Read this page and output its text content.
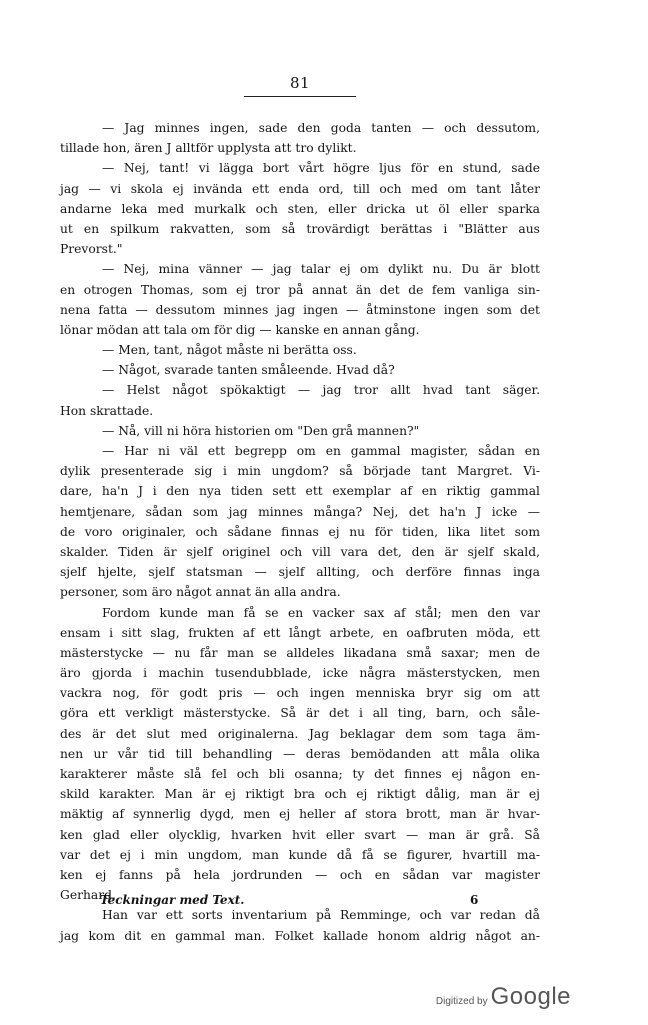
81
— Jag minnes ingen, sade den goda tanten — och dessutom,
tillade hon, ären J alltför upplysta att tro dylikt.
— Nej, tant! vi lägga bort vårt högre ljus för en stund, sade
jag — vi skola ej invända ett enda ord, till och med om tant låter
andarne leka med murkalk och sten, eller dricka ut öl eller sparka
ut en spilkum rakvatten, som så trovärdigt berättas i "Blätter aus
Prevorst."
— Nej, mina vänner — jag talar ej om dylikt nu. Du är blott
en otrogen Thomas, som ej tror på annat än det de fem vanliga sin-
nena fatta — dessutom minnes jag ingen — åtminstone ingen som det
lönar mödan att tala om för dig — kanske en annan gång.
— Men, tant, något måste ni berätta oss.
— Något, svarade tanten småleende. Hvad då?
— Helst något spökaktigt — jag tror allt hvad tant säger.
Hon skrattade.
— Nå, vill ni höra historien om "Den grå mannen?"
— Har ni väl ett begrepp om en gammal magister, sådan en
dylik presenterade sig i min ungdom? så började tant Margret. Vi-
dare, ha'n J i den nya tiden sett ett exemplar af en riktig gammal
hemtjenare, sådan som jag minnes många? Nej, det ha'n J icke —
de voro originaler, och sådane finnas ej nu för tiden, lika litet som
skalder. Tiden är sjelf originel och vill vara det, den är sjelf skald,
sjelf hjelte, sjelf statsman — sjelf allting, och derföre finnas inga
personer, som äro något annat än alla andra.
Fordom kunde man få se en vacker sax af stål; men den var
ensam i sitt slag, frukten af ett långt arbete, en oafbruten möda, ett
mästerstycke — nu får man se alldeles likadana små saxar; men de
äro gjorda i machin tusendubblade, icke några mästerstycken, men
vackra nog, för godt pris — och ingen menniska bryr sig om att
göra ett verkligt mästerstycke. Så är det i all ting, barn, och såle-
des är det slut med originalerna. Jag beklagar dem som taga äm-
nen ur vår tid till behandling — deras bemödanden att måla olika
karakterer måste slå fel och bli osanna; ty det finnes ej någon en-
skild karakter. Man är ej riktigt bra och ej riktigt dålig, man är ej
mäktig af synnerlig dygd, men ej heller af stora brott, man är hvar-
ken glad eller olycklig, hvarken hvit eller svart — man är grå. Så
var det ej i min ungdom, man kunde då få se figurer, hvartill ma-
ken ej fanns på hela jordrunden — och en sådan var magister
Gerhard.
Han var ett sorts inventarium på Remminge, och var redan då
jag kom dit en gammal man. Folket kallade honom aldrig något an-
Teckningar med Text.	6
Digitized by Google
